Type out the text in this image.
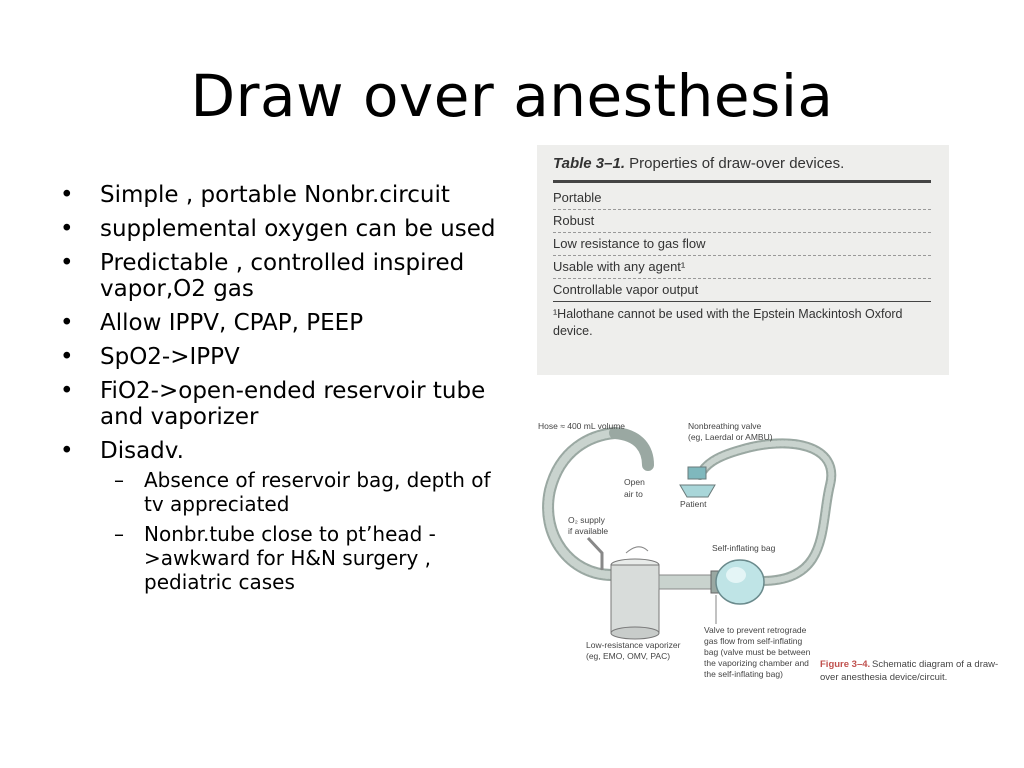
Draw over anesthesia
• Simple , portable Nonbr.circuit
• supplemental oxygen can be used
• Predictable , controlled inspired vapor,O2 gas
• Allow IPPV, CPAP, PEEP
• SpO2->IPPV
• FiO2->open-ended reservoir tube and vaporizer
• Disadv.
– Absence of reservoir bag, depth of tv appreciated
– Nonbr.tube close to pt’head ->awkward for H&N surgery , pediatric cases
Table 3–1. Properties of draw-over devices.
Portable
Robust
Low resistance to gas flow
Usable with any agent¹
Controllable vapor output
¹Halothane cannot be used with the Epstein Mackintosh Oxford device.
Hose ≈ 400 mL volume	Nonbreathing valve
(eg, Laerdal or AMBU)
Patient
Open
air to
O₂ supply
if available
Self-inflating bag
Low-resistance vaporizer
(eg, EMO, OMV, PAC)
Valve to prevent retrograde
gas flow from self-inflating
bag (valve must be between
the vaporizing chamber and
the self-inflating bag)
Figure 3–4. Schematic diagram of a draw-
over anesthesia device/circuit.
